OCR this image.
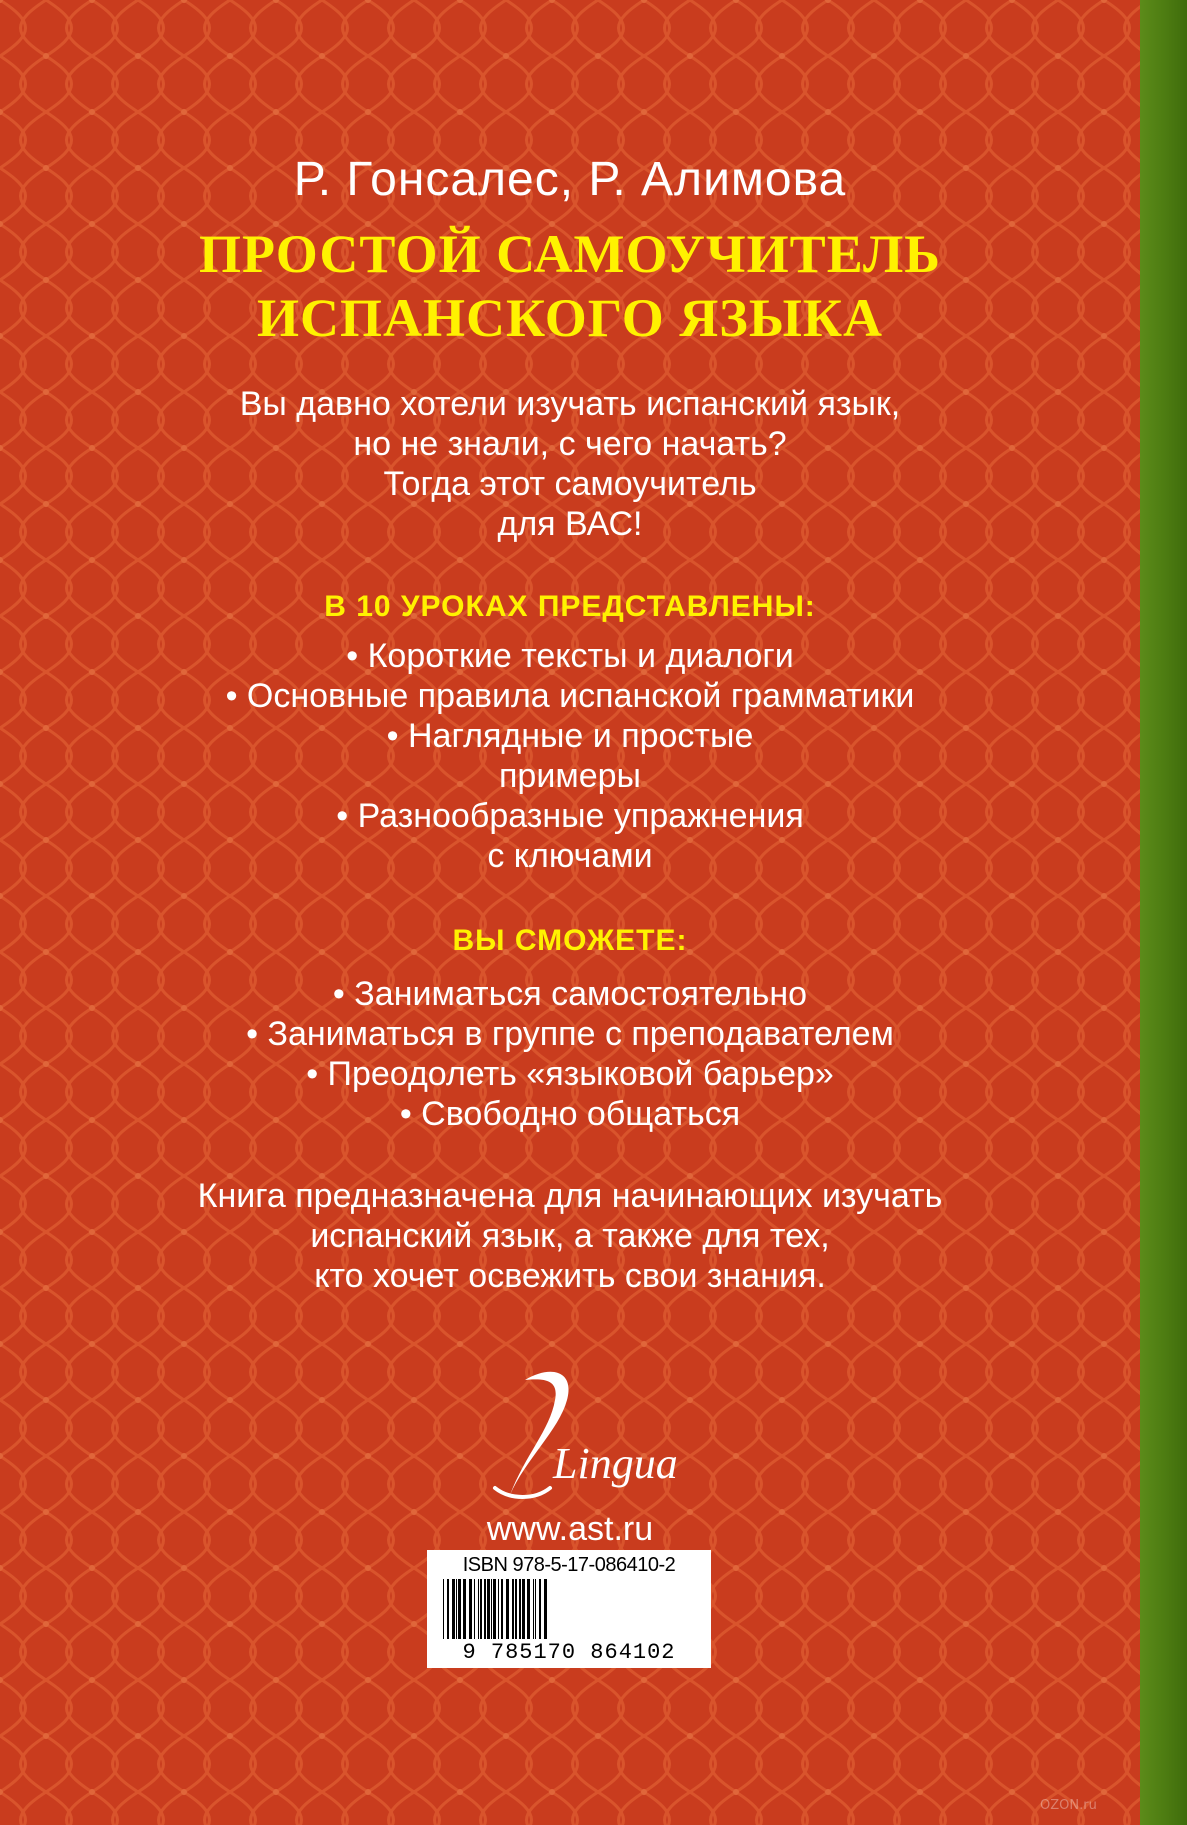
Р. Гонсалес, Р. Алимова
ПРОСТОЙ САМОУЧИТЕЛЬ
ИСПАНСКОГО ЯЗЫКА
Вы давно хотели изучать испанский язык,
но не знали, с чего начать?
Тогда этот самоучитель
для ВАС!
В 10 УРОКАХ ПРЕДСТАВЛЕНЫ:
• Короткие тексты и диалоги
• Основные правила испанской грамматики
• Наглядные и простые
примеры
• Разнообразные упражнения
с ключами
ВЫ СМОЖЕТЕ:
• Заниматься самостоятельно
• Заниматься в группе с преподавателем
• Преодолеть «языковой барьер»
• Свободно общаться
Книга предназначена для начинающих изучать
испанский язык, а также для тех,
кто хочет освежить свои знания.
Lingua
www.ast.ru
ISBN 978-5-17-086410-2
9 785170 864102
OZON.ru
